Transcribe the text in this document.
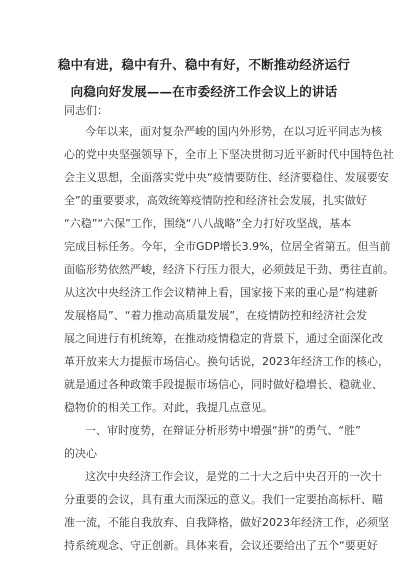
稳中有进，稳中有升、稳中有好，不断推动经济运行
向稳向好发展——在市委经济工作会议上的讲话
同志们：
今年以来，面对复杂严峻的国内外形势，在以习近平同志为核
心的党中央坚强领导下，全市上下坚决贯彻习近平新时代中国特色社
会主义思想，全面落实党中央“疫情要防住、经济要稳住、发展要安
全”的重要要求，高效统筹疫情防控和经济社会发展，扎实做好
“六稳”“六保”工作，围绕“八八战略”全力打好攻坚战，基本
完成目标任务。今年，全市GDP增长3.9%，位居全省第五。但当前
面临形势依然严峻，经济下行压力很大，必须鼓足干劲、勇往直前。
从这次中央经济工作会议精神上看，国家接下来的重心是“构建新
发展格局”、“着力推动高质量发展”，在疫情防控和经济社会发
展之间进行有机统筹，在推动疫情稳定的背景下，通过全面深化改
革开放来大力提振市场信心。换句话说，2023年经济工作的核心，
就是通过各种政策手段提振市场信心，同时做好稳增长、稳就业、
稳物价的相关工作。对此，我提几点意见。
一、审时度势，在辩证分析形势中增强“拼”的勇气、“胜”
的决心
这次中央经济工作会议，是党的二十大之后中央召开的一次十
分重要的会议，具有重大而深远的意义。我们一定要抬高标杆、瞄
准一流，不能自我放弃、自我降格，做好2023年经济工作，必须坚
持系统观念、守正创新。具体来看，会议还要给出了五个“要更好
